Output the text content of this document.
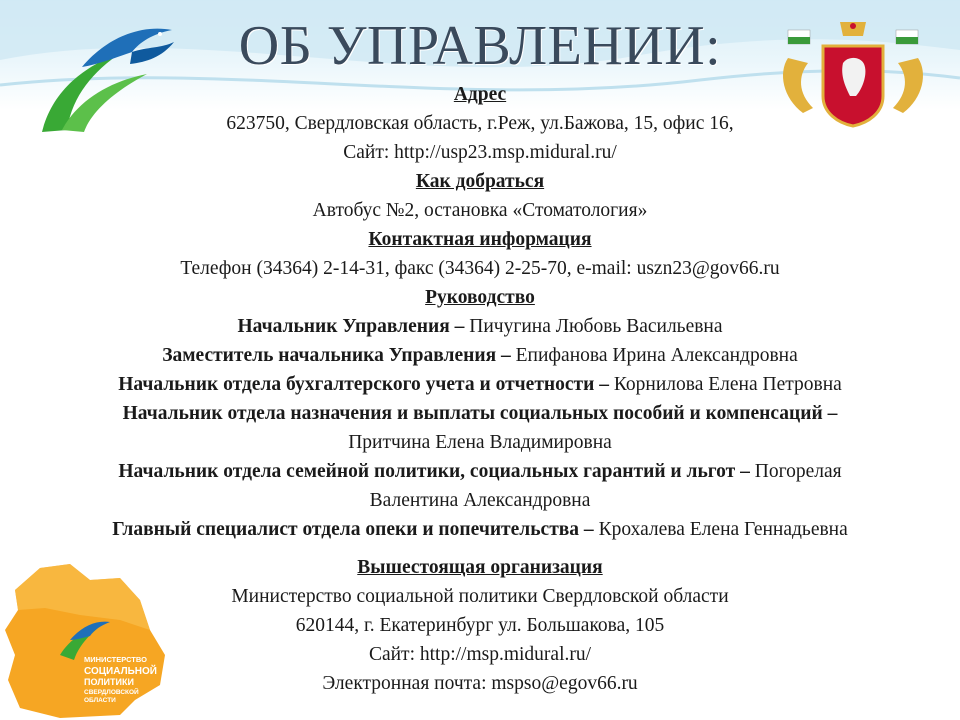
ОБ УПРАВЛЕНИИ:
Адрес
623750, Свердловская область, г.Реж, ул.Бажова, 15, офис 16,
Сайт: http://usp23.msp.midural.ru/
Как добраться
Автобус №2, остановка «Стоматология»
Контактная информация
Телефон (34364) 2-14-31, факс (34364) 2-25-70, e-mail: uszn23@gov66.ru
Руководство
Начальник Управления – Пичугина Любовь Васильевна
Заместитель начальника Управления – Епифанова Ирина Александровна
Начальник отдела бухгалтерского учета и отчетности – Корнилова Елена Петровна
Начальник отдела назначения и выплаты социальных пособий и компенсаций –
Притчина Елена Владимировна
Начальник отдела семейной политики, социальных гарантий и льгот – Погорелая
Валентина Александровна
Главный специалист отдела опеки и попечительства – Крохалева Елена Геннадьевна
Вышестоящая организация
Министерство социальной политики Свердловской области
620144, г. Екатеринбург ул. Большакова, 105
Сайт: http://msp.midural.ru/
Электронная почта: mspso@egov66.ru
МИНИСТЕРСТВО
СОЦИАЛЬНОЙ
ПОЛИТИКИ
СВЕРДЛОВСКОЙ
ОБЛАСТИ
